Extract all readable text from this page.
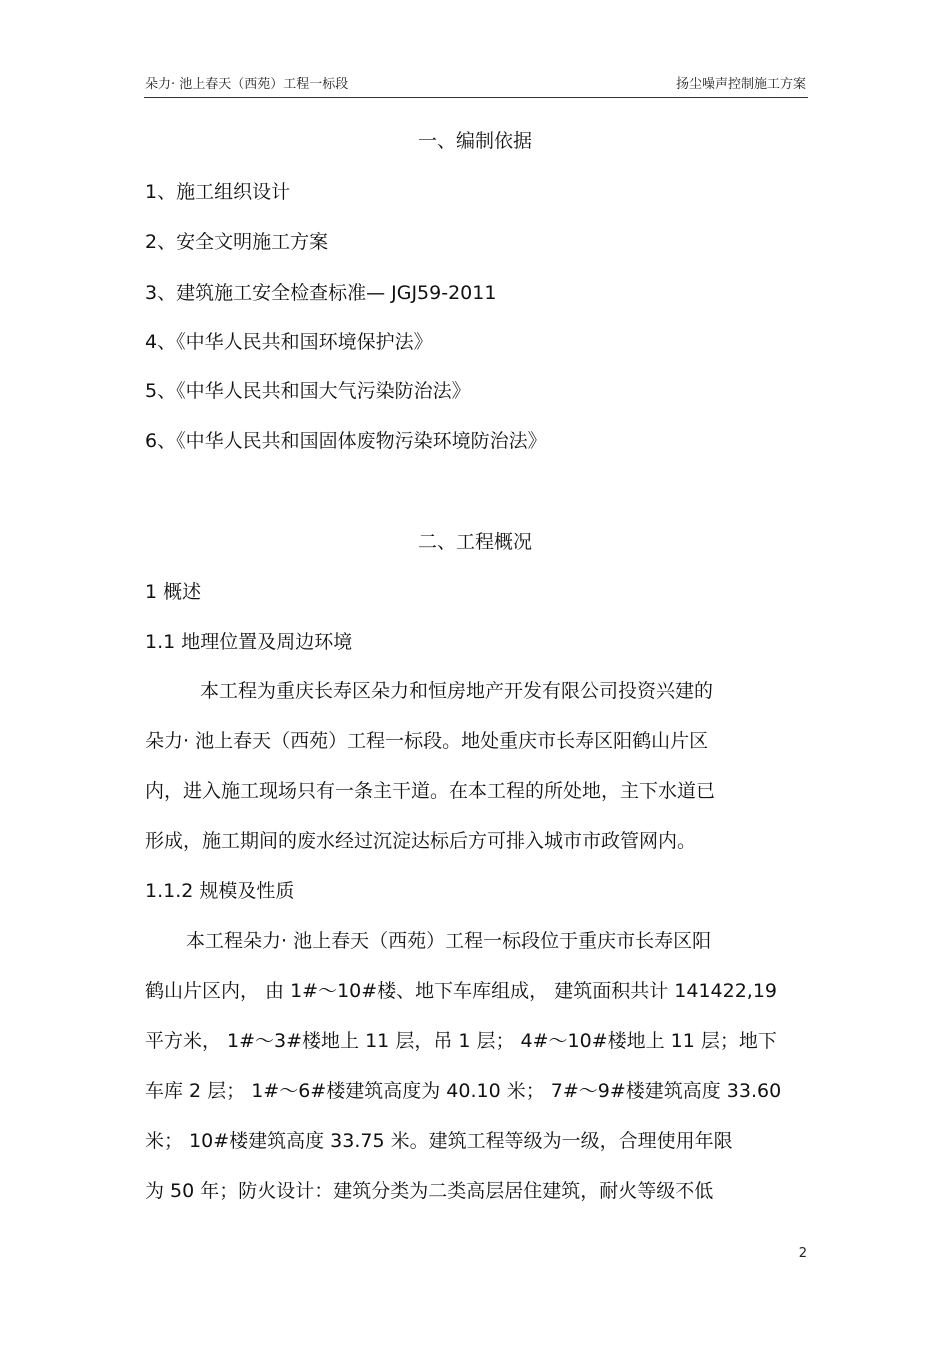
朵力· 池上春天（西苑）工程一标段	扬尘噪声控制施工方案
一、编制依据
1、施工组织设计
2、安全文明施工方案
3、建筑施工安全检查标准— JGJ59-2011
4、《中华人民共和国环境保护法》
5、《中华人民共和国大气污染防治法》
6、《中华人民共和国固体废物污染环境防治法》
二、工程概况
1 概述
1.1 地理位置及周边环境
本工程为重庆长寿区朵力和恒房地产开发有限公司投资兴建的
朵力· 池上春天（西苑）工程一标段。地处重庆市长寿区阳鹤山片区
内，进入施工现场只有一条主干道。在本工程的所处地，主下水道已
形成，施工期间的废水经过沉淀达标后方可排入城市市政管网内。
1.1.2 规模及性质
本工程朵力· 池上春天（西苑）工程一标段位于重庆市长寿区阳
鹤山片区内， 由 1#～10#楼、地下车库组成， 建筑面积共计 141422,19
平方米， 1#～3#楼地上 11 层，吊 1 层； 4#～10#楼地上 11 层；地下
车库 2 层； 1#～6#楼建筑高度为 40.10 米； 7#～9#楼建筑高度 33.60
米； 10#楼建筑高度 33.75 米。建筑工程等级为一级，合理使用年限
为 50 年；防火设计：建筑分类为二类高层居住建筑，耐火等级不低
2
